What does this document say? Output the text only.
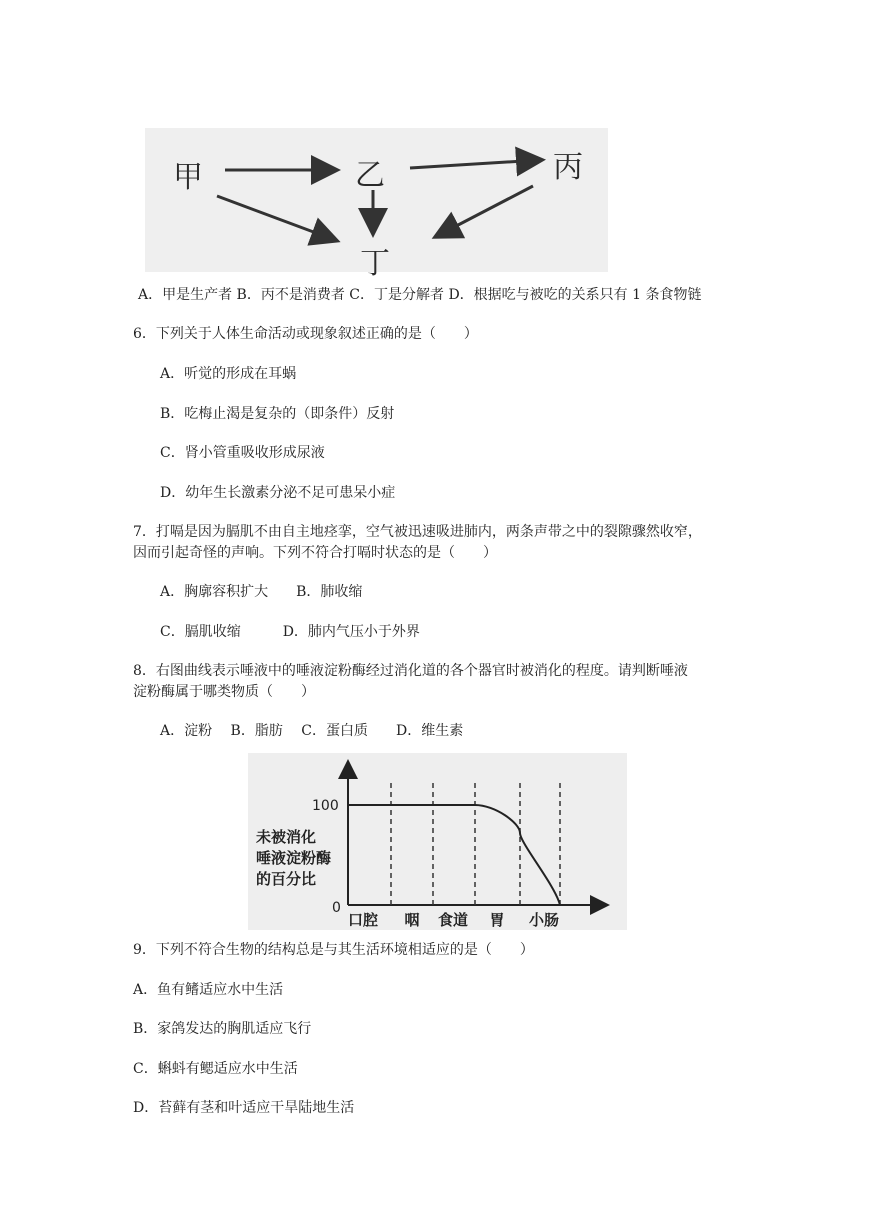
甲	乙	丙
丁
A．甲是生产者 B．丙不是消费者 C．丁是分解者 D．根据吃与被吃的关系只有 1 条食物链
6．下列关于人体生命活动或现象叙述正确的是（　　）
A．听觉的形成在耳蜗
B．吃梅止渴是复杂的（即条件）反射
C．肾小管重吸收形成尿液
D．幼年生长激素分泌不足可患呆小症
7．打嗝是因为膈肌不由自主地痉挛，空气被迅速吸进肺内，两条声带之中的裂隙骤然收窄，
因而引起奇怪的声响。下列不符合打嗝时状态的是（　　）
A．胸廓容积扩大　　B．肺收缩
C．膈肌收缩　　　D．肺内气压小于外界
8．右图曲线表示唾液中的唾液淀粉酶经过消化道的各个器官时被消化的程度。请判断唾液
淀粉酶属于哪类物质（　　）
A．淀粉　 B．脂肪　 C．蛋白质　　D．维生素
100
0
未被消化
唾液淀粉酶
的百分比
口腔 咽 食道 胃 小肠
9．下列不符合生物的结构总是与其生活环境相适应的是（　　）
A．鱼有鳍适应水中生活
B．家鸽发达的胸肌适应飞行
C．蝌蚪有鳃适应水中生活
D．苔藓有茎和叶适应干旱陆地生活
